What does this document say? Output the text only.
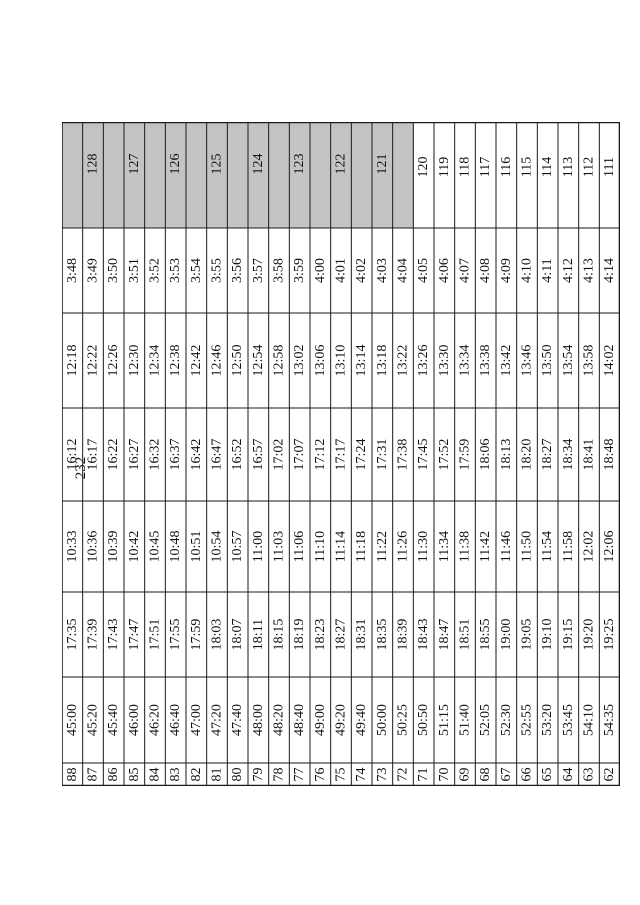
232
88
45:00
17:35
10:33
16:12
12:18
3:48
87
45:20
17:39
10:36
16:17
12:22
3:49
128
86
45:40
17:43
10:39
16:22
12:26
3:50
85
46:00
17:47
10:42
16:27
12:30
3:51
127
84
46:20
17:51
10:45
16:32
12:34
3:52
83
46:40
17:55
10:48
16:37
12:38
3:53
126
82
47:00
17:59
10:51
16:42
12:42
3:54
81
47:20
18:03
10:54
16:47
12:46
3:55
125
80
47:40
18:07
10:57
16:52
12:50
3:56
79
48:00
18:11
11:00
16:57
12:54
3:57
124
78
48:20
18:15
11:03
17:02
12:58
3:58
77
48:40
18:19
11:06
17:07
13:02
3:59
123
76
49:00
18:23
11:10
17:12
13:06
4:00
75
49:20
18:27
11:14
17:17
13:10
4:01
122
74
49:40
18:31
11:18
17:24
13:14
4:02
73
50:00
18:35
11:22
17:31
13:18
4:03
121
72
50:25
18:39
11:26
17:38
13:22
4:04
71
50:50
18:43
11:30
17:45
13:26
4:05
120
70
51:15
18:47
11:34
17:52
13:30
4:06
119
69
51:40
18:51
11:38
17:59
13:34
4:07
118
68
52:05
18:55
11:42
18:06
13:38
4:08
117
67
52:30
19:00
11:46
18:13
13:42
4:09
116
66
52:55
19:05
11:50
18:20
13:46
4:10
115
65
53:20
19:10
11:54
18:27
13:50
4:11
114
64
53:45
19:15
11:58
18:34
13:54
4:12
113
63
54:10
19:20
12:02
18:41
13:58
4:13
112
62
54:35
19:25
12:06
18:48
14:02
4:14
111
